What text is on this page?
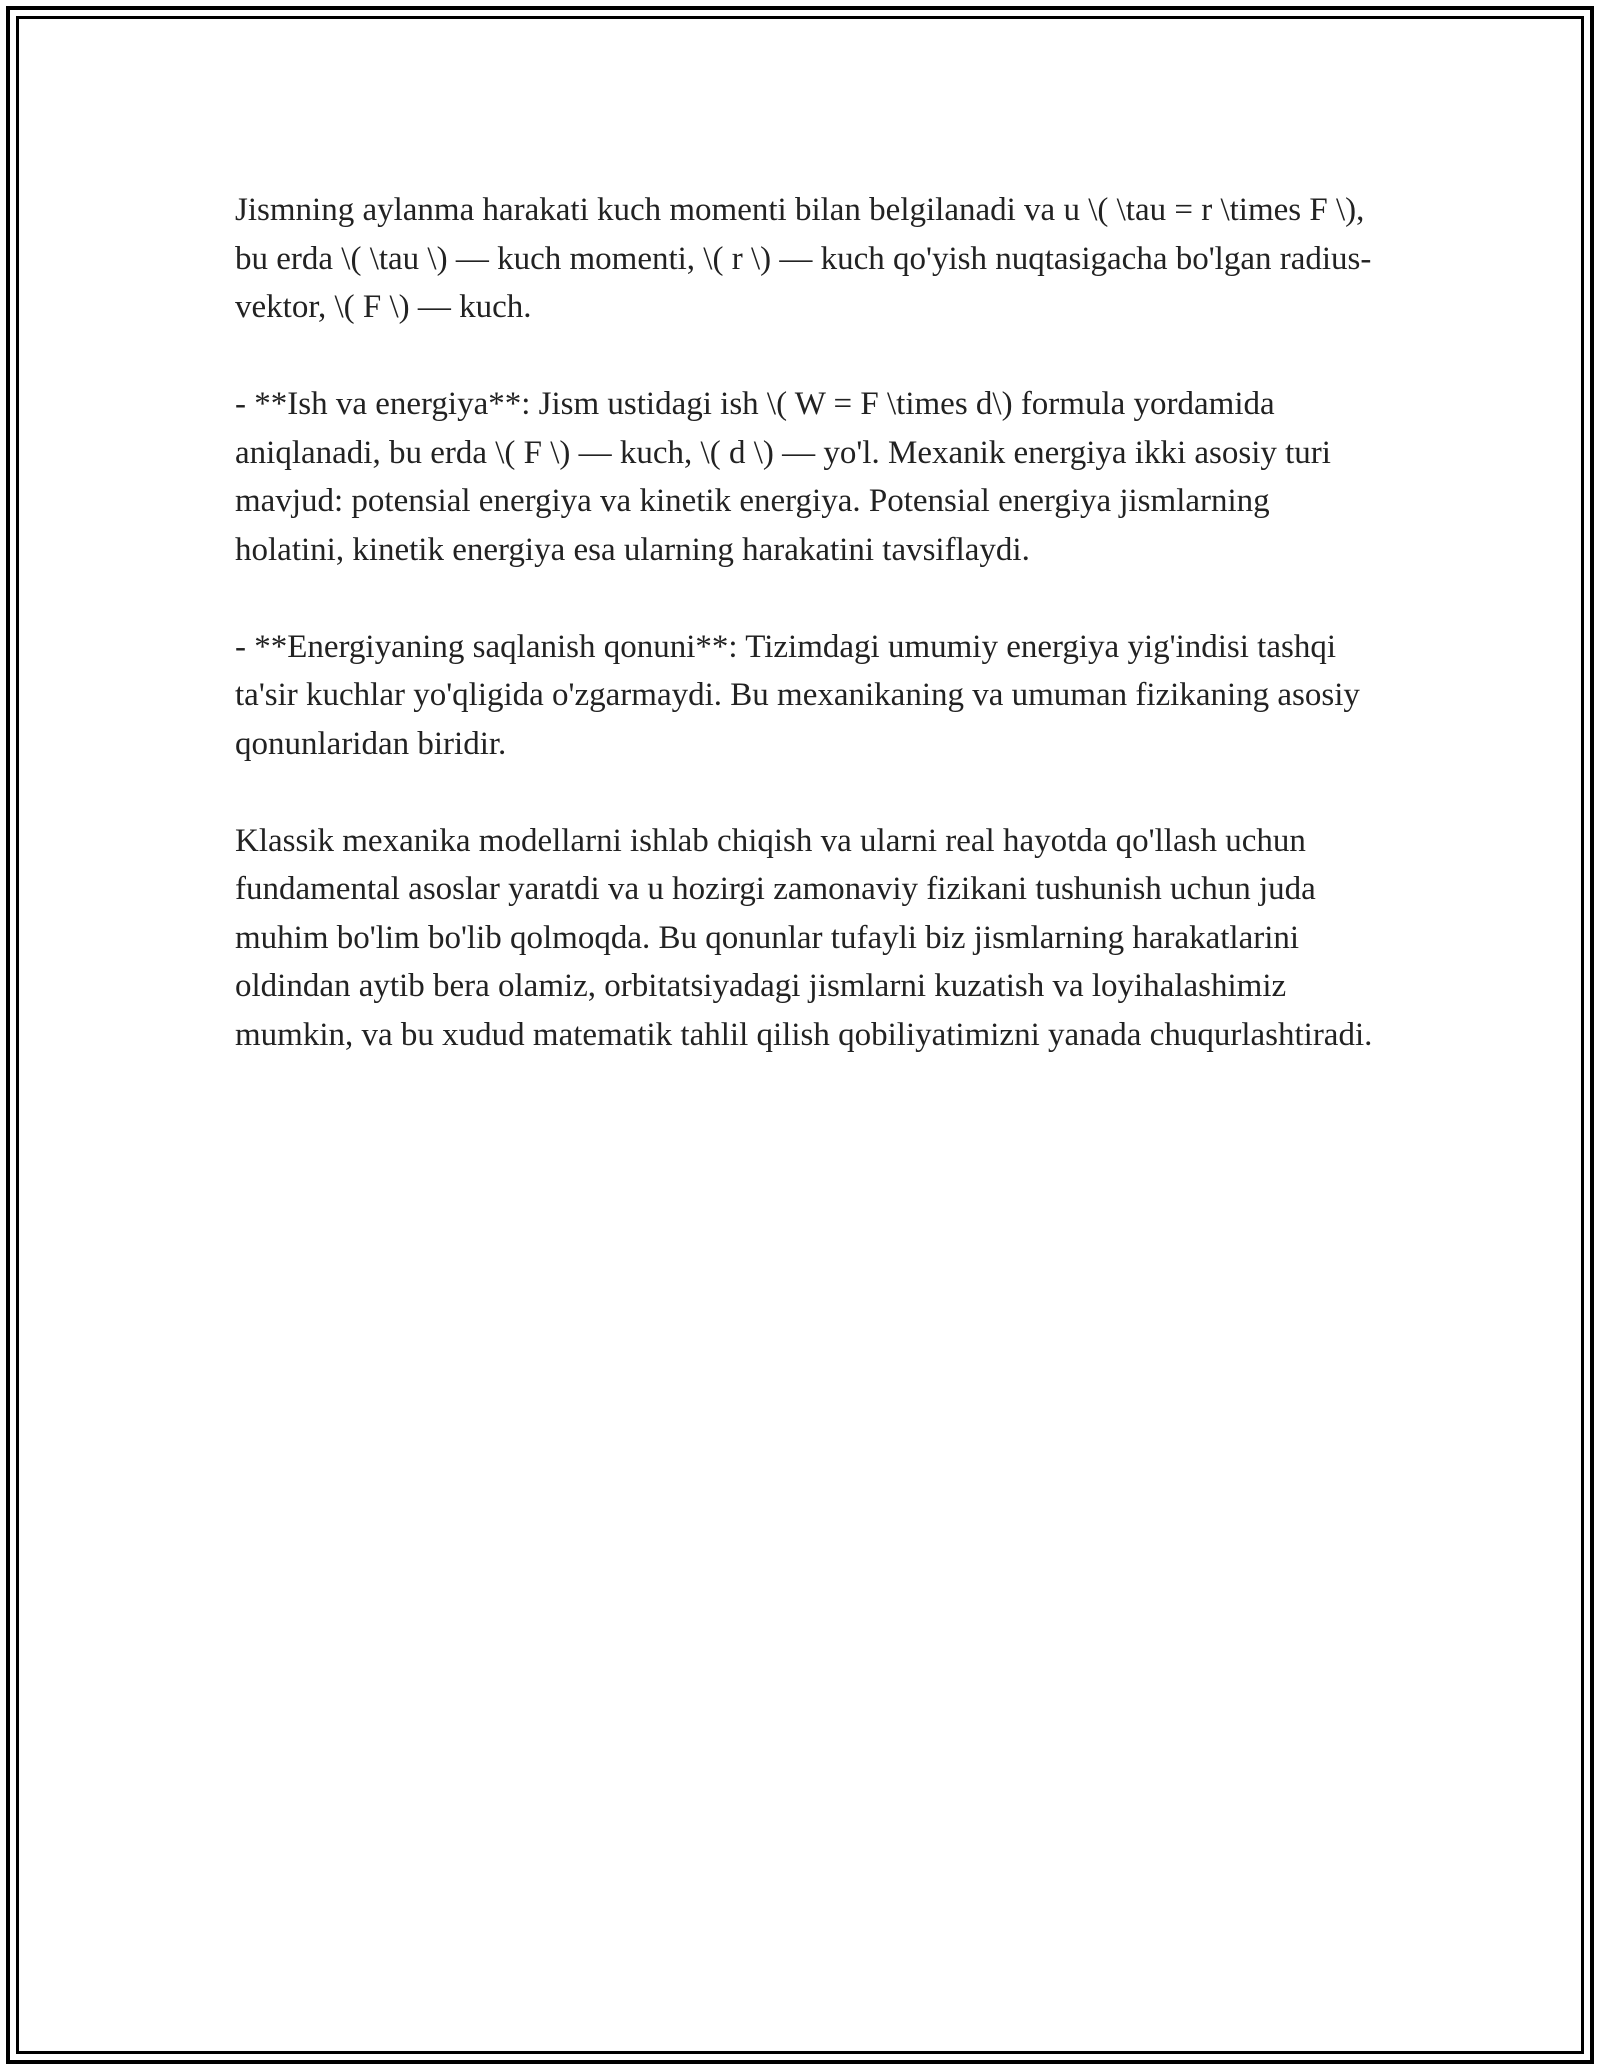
Jismning aylanma harakati kuch momenti bilan belgilanadi va u \( \tau = r \times F \), bu erda \( \tau \) — kuch momenti, \( r \) — kuch qo'yish nuqtasigacha bo'lgan radius-vektor, \( F \) — kuch.

- **Ish va energiya**: Jism ustidagi ish \( W = F \times d\) formula yordamida aniqlanadi, bu erda \( F \) — kuch, \( d \) — yo'l. Mexanik energiya ikki asosiy turi mavjud: potensial energiya va kinetik energiya. Potensial energiya jismlarning holatini, kinetik energiya esa ularning harakatini tavsiflaydi.

- **Energiyaning saqlanish qonuni**: Tizimdagi umumiy energiya yig'indisi tashqi ta'sir kuchlar yo'qligida o'zgarmaydi. Bu mexanikaning va umuman fizikaning asosiy qonunlaridan biridir.

Klassik mexanika modellarni ishlab chiqish va ularni real hayotda qo'llash uchun fundamental asoslar yaratdi va u hozirgi zamonaviy fizikani tushunish uchun juda muhim bo'lim bo'lib qolmoqda. Bu qonunlar tufayli biz jismlarning harakatlarini oldindan aytib bera olamiz, orbitatsiyadagi jismlarni kuzatish va loyihalashimiz mumkin, va bu xudud matematik tahlil qilish qobiliyatimizni yanada chuqurlashtiradi.
